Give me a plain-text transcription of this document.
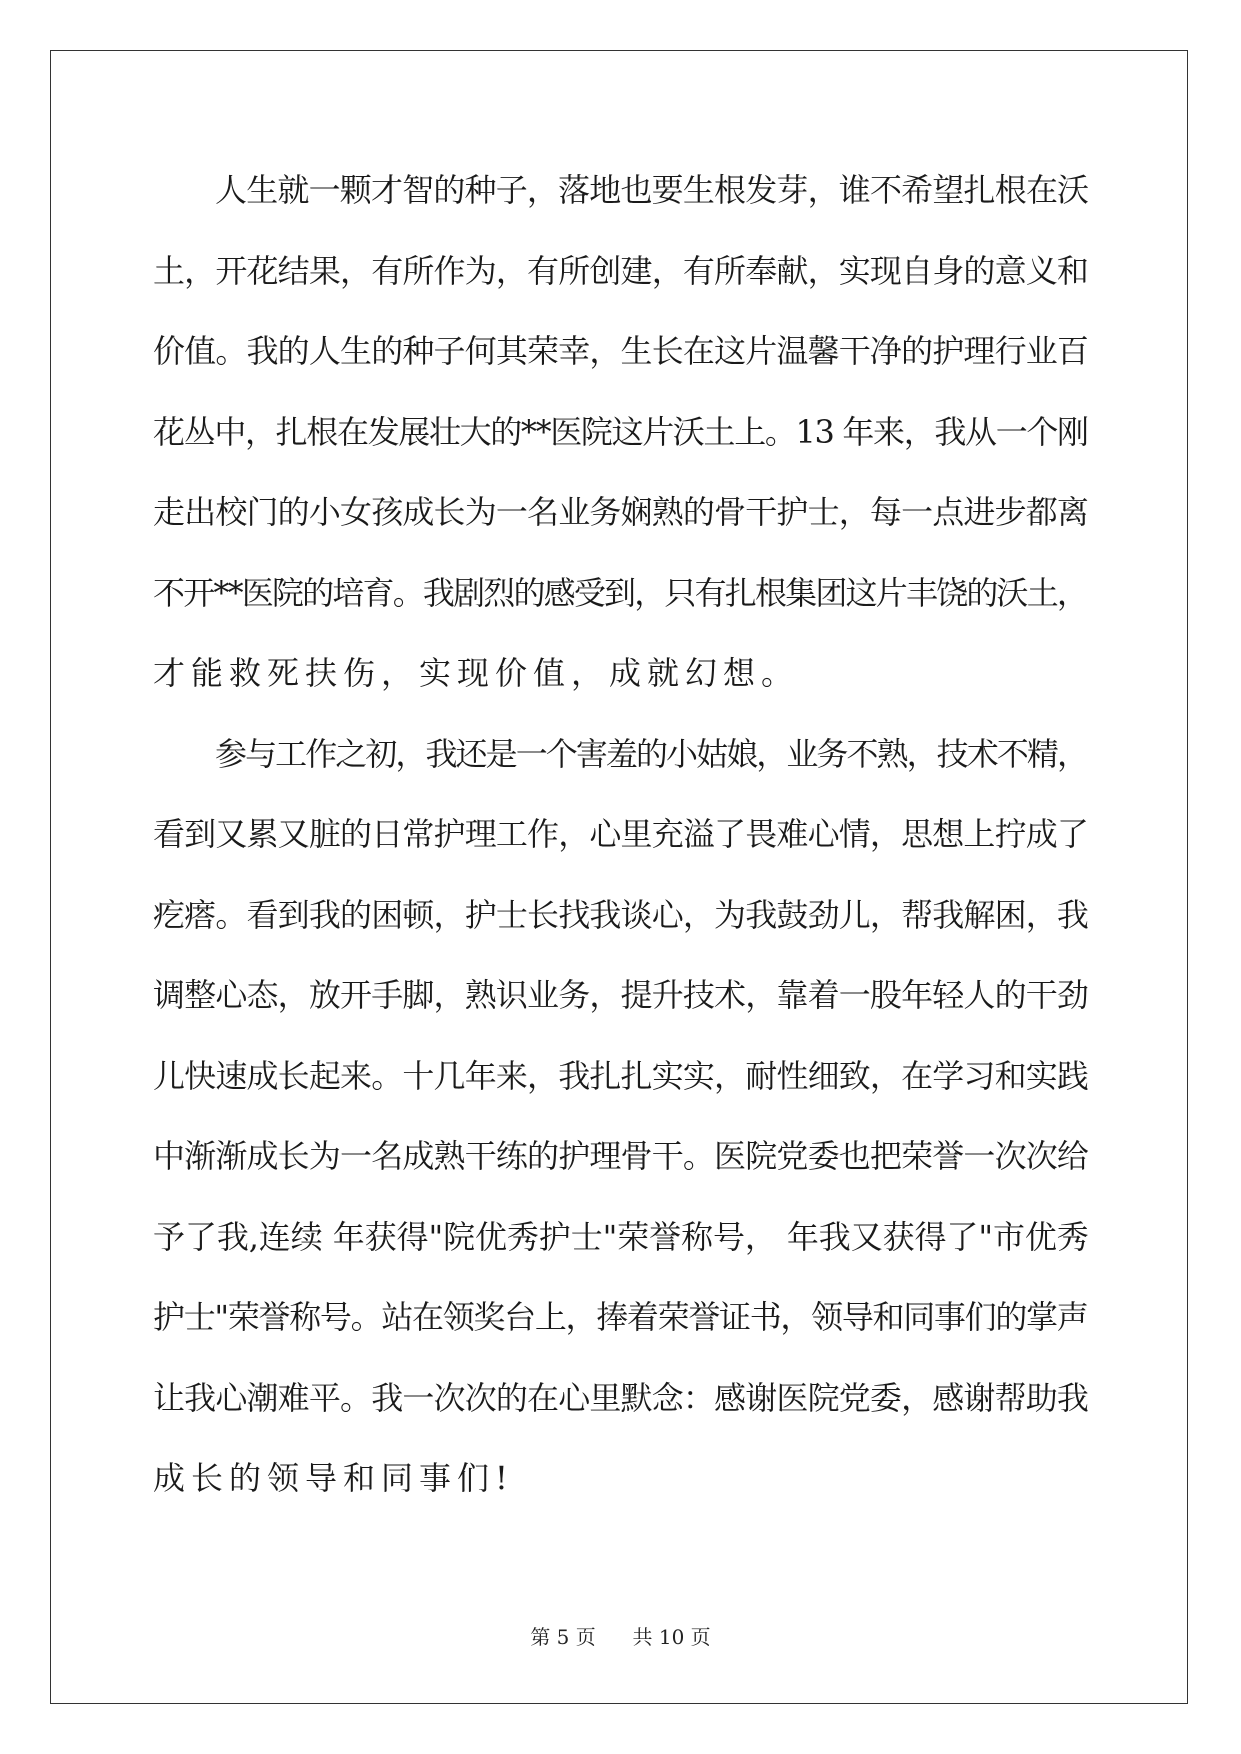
人生就一颗才智的种子，落地也要生根发芽，谁不希望扎根在沃
土，开花结果，有所作为，有所创建，有所奉献，实现自身的意义和
价值。我的人生的种子何其荣幸，生长在这片温馨干净的护理行业百
花丛中，扎根在发展壮大的**医院这片沃土上。13 年来，我从一个刚
走出校门的小女孩成长为一名业务娴熟的骨干护士，每一点进步都离
不开**医院的培育。我剧烈的感受到，只有扎根集团这片丰饶的沃土，
才能救死扶伤，实现价值，成就幻想。
参与工作之初，我还是一个害羞的小姑娘，业务不熟，技术不精，
看到又累又脏的日常护理工作，心里充溢了畏难心情，思想上拧成了
疙瘩。看到我的困顿，护士长找我谈心，为我鼓劲儿，帮我解困，我
调整心态，放开手脚，熟识业务，提升技术，靠着一股年轻人的干劲
儿快速成长起来。十几年来，我扎扎实实，耐性细致，在学习和实践
中渐渐成长为一名成熟干练的护理骨干。医院党委也把荣誉一次次给
予了我,连续 年获得"院优秀护士"荣誉称号， 年我又获得了"市优秀
护士"荣誉称号。站在领奖台上，捧着荣誉证书，领导和同事们的掌声
让我心潮难平。我一次次的在心里默念：感谢医院党委，感谢帮助我
成长的领导和同事们!
第 5 页 共 10 页
